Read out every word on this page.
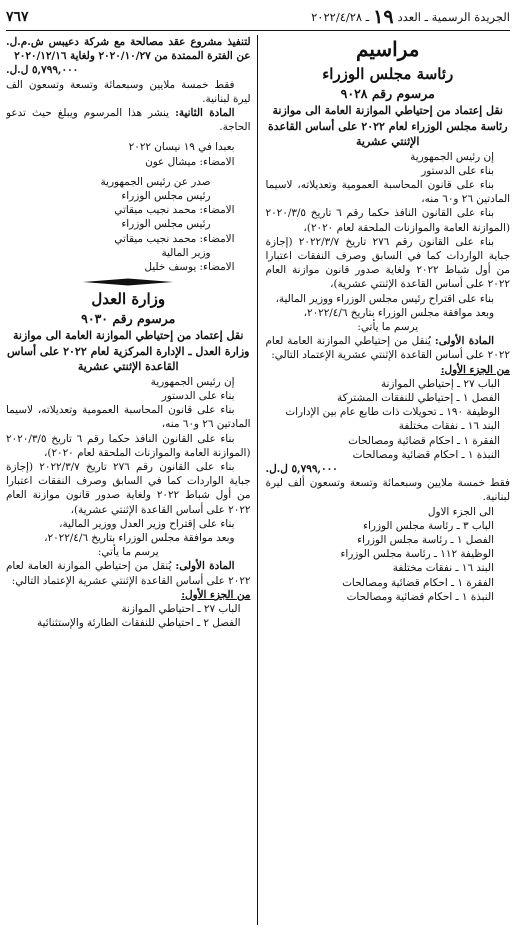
الجريدة الرسمية ـ العدد
١٩
ـ ٢٠٢٢/٤/٢٨
٧٦٧

مراسيم

رئاسة مجلس الوزراء

مرسوم رقم ٩٠٢٨

نقل إعتماد من إحتياطي الموازنة العامة الى موازنة رئاسة مجلس الوزراء لعام ٢٠٢٢ على أساس القاعدة الإثنتي عشرية

إن رئيس الجمهورية

بناء على الدستور

بناء على قانون المحاسبة العمومية وتعديلاته، لاسيما المادتين ٢٦ و٦٠ منه،

بناء على القانون النافذ حكما رقم ٦ تاريخ ٢٠٢٠/٣/٥ (الموازنة العامة والموازنات الملحقة لعام ٢٠٢٠)،

بناء على القانون رقم ٢٧٦ تاريخ ٢٠٢٢/٣/٧ (إجازة جباية الواردات كما في السابق وصرف النفقات اعتبارا من أول شباط ٢٠٢٢ ولغاية صدور قانون موازنة العام ٢٠٢٢ على أساس القاعدة الإثنتي عشرية)،

بناء على اقتراح رئيس مجلس الوزراء ووزير المالية،

وبعد موافقة مجلس الوزراء بتاريخ ٢٠٢٢/٤/٦،

يرسم ما يأتي:

المادة الأولى: يُنقل من إحتياطي الموازنة العامة لعام ٢٠٢٢ على أساس القاعدة الإثنتي عشرية الإعتماد التالي:

من الجزء الأول:

الباب ٢٧ ـ إحتياطي الموازنة

الفصل ١ ـ إحتياطي للنفقات المشتركة

الوظيفة ١٩٠ ـ تحويلات ذات طابع عام بين الإدارات

البند ١٦ ـ نفقات مختلفة

الفقرة ١ ـ احكام قضائية ومصالحات

النبذة ١ ـ احكام قضائية ومصالحات

٥,٧٩٩,٠٠٠ ل.ل.

فقط خمسة ملايين وسبعمائة وتسعة وتسعون ألف ليرة لبنانية.

الى الجزء الاول

الباب ٣ ـ رئاسة مجلس الوزراء

الفصل ١ ـ رئاسة مجلس الوزراء

الوظيفة ١١٢ ـ رئاسة مجلس الوزراء

البند ١٦ ـ نفقات مختلفة

الفقرة ١ ـ احكام قضائية ومصالحات

النبذة ١ ـ احكام قضائية ومصالحات

لتنفيذ مشروع عقد مصالحة مع شركة دعيبس ش.م.ل. عن الفترة الممتدة من ٢٠٢٠/١٠/٢٧ ولغاية ٢٠٢٠/١٢/١٦

٥,٧٩٩,٠٠٠ ل.ل.

فقط خمسة ملايين وسبعمائة وتسعة وتسعون الف ليرة لبنانية.

المادة الثانية: ينشر هذا المرسوم ويبلغ حيث تدعو الحاجة.

بعبدا في ١٩ نيسان ٢٠٢٢

الامضاء: ميشال عون

صدر عن رئيس الجمهورية

رئيس مجلس الوزراء

الامضاء: محمد نجيب ميقاتي

رئيس مجلس الوزراء

الامضاء: محمد نجيب ميقاتي

وزير المالية

الامضاء: يوسف خليل

وزارة العدل

مرسوم رقم ٩٠٣٠

نقل إعتماد من إحتياطي الموازنة العامة الى موازنة وزارة العدل ـ الإدارة المركزية لعام ٢٠٢٢ على أساس القاعدة الإثنتي عشرية

إن رئيس الجمهورية

بناء على الدستور

بناء على قانون المحاسبة العمومية وتعديلاته، لاسيما المادتين ٢٦ و٦٠ منه،

بناء على القانون النافذ حكما رقم ٦ تاريخ ٢٠٢٠/٣/٥ (الموازنة العامة والموازنات الملحقة لعام ٢٠٢٠)،

بناء على القانون رقم ٢٧٦ تاريخ ٢٠٢٢/٣/٧ (إجازة جباية الواردات كما في السابق وصرف النفقات اعتبارا من أول شباط ٢٠٢٢ ولغاية صدور قانون موازنة العام ٢٠٢٢ على أساس القاعدة الإثنتي عشرية)،

بناء على إقتراح وزير العدل ووزير المالية،

وبعد موافقة مجلس الوزراء بتاريخ ٢٠٢٢/٤/٦،

يرسم ما يأتي:

المادة الأولى: يُنقل من إحتياطي الموازنة العامة لعام ٢٠٢٢ على أساس القاعدة الإثنتي عشرية الإعتماد التالي:

من الجزء الأول:

الباب ٢٧ ـ احتياطي الموازنة

الفصل ٢ ـ احتياطي للنفقات الطارئة والإستثنائية
